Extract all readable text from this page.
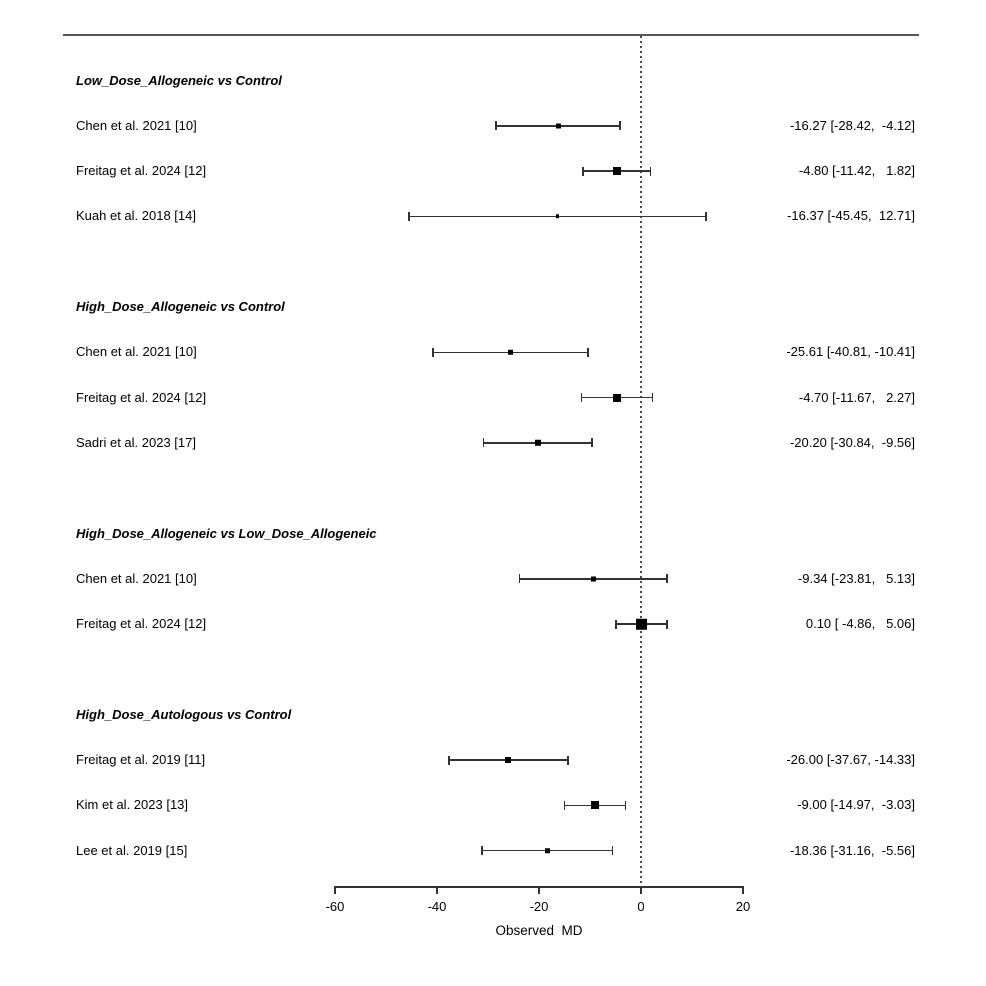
Low_Dose_Allogeneic vs Control
Chen et al. 2021 [10]	-16.27 [-28.42,  -4.12]
Freitag et al. 2024 [12]	-4.80 [-11.42,   1.82]
Kuah et al. 2018 [14]	-16.37 [-45.45,  12.71]
High_Dose_Allogeneic vs Control
Chen et al. 2021 [10]	-25.61 [-40.81, -10.41]
Freitag et al. 2024 [12]	-4.70 [-11.67,   2.27]
Sadri et al. 2023 [17]	-20.20 [-30.84,  -9.56]
High_Dose_Allogeneic vs Low_Dose_Allogeneic
Chen et al. 2021 [10]	-9.34 [-23.81,   5.13]
Freitag et al. 2024 [12]	0.10 [ -4.86,   5.06]
High_Dose_Autologous vs Control
Freitag et al. 2019 [11]	-26.00 [-37.67, -14.33]
Kim et al. 2023 [13]	-9.00 [-14.97,  -3.03]
Lee et al. 2019 [15]	-18.36 [-31.16,  -5.56]
-60	-40	-20	0	20
Observed  MD
